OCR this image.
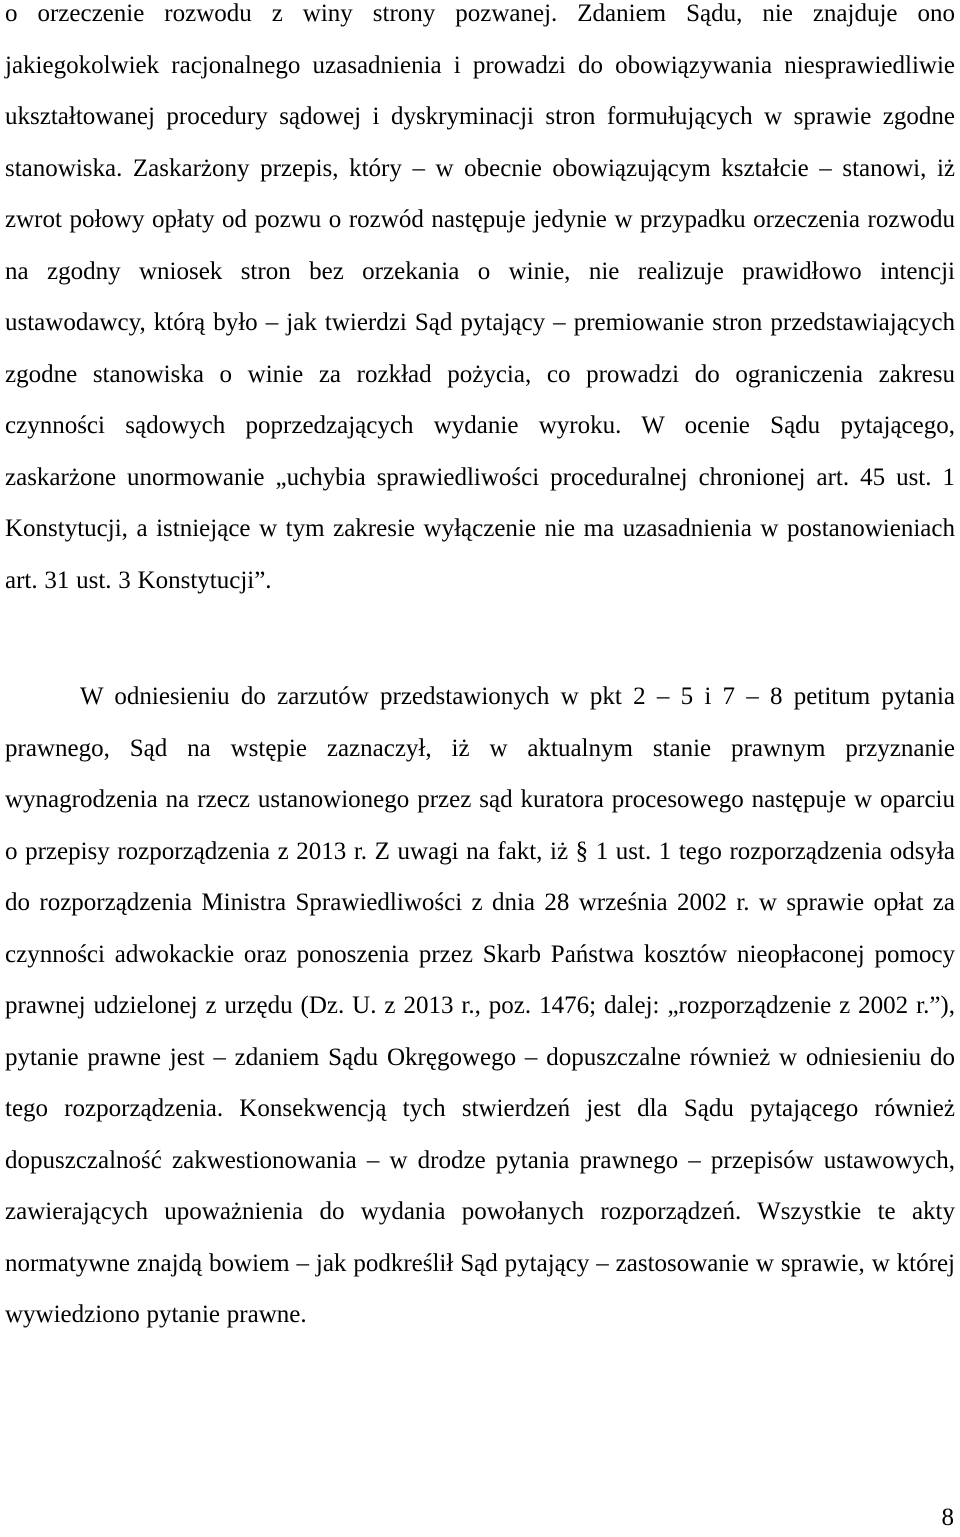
o orzeczenie rozwodu z winy strony pozwanej. Zdaniem Sądu, nie znajduje ono jakiegokolwiek racjonalnego uzasadnienia i prowadzi do obowiązywania niesprawiedliwie ukształtowanej procedury sądowej i dyskryminacji stron formułujących w sprawie zgodne stanowiska. Zaskarżony przepis, który – w obecnie obowiązującym kształcie – stanowi, iż zwrot połowy opłaty od pozwu o rozwód następuje jedynie w przypadku orzeczenia rozwodu na zgodny wniosek stron bez orzekania o winie, nie realizuje prawidłowo intencji ustawodawcy, którą było – jak twierdzi Sąd pytający – premiowanie stron przedstawiających zgodne stanowiska o winie za rozkład pożycia, co prowadzi do ograniczenia zakresu czynności sądowych poprzedzających wydanie wyroku. W ocenie Sądu pytającego, zaskarżone unormowanie „uchybia sprawiedliwości proceduralnej chronionej art. 45 ust. 1 Konstytucji, a istniejące w tym zakresie wyłączenie nie ma uzasadnienia w postanowieniach art. 31 ust. 3 Konstytucji”.

W odniesieniu do zarzutów przedstawionych w pkt 2 – 5 i 7 – 8 petitum pytania prawnego, Sąd na wstępie zaznaczył, iż w aktualnym stanie prawnym przyznanie wynagrodzenia na rzecz ustanowionego przez sąd kuratora procesowego następuje w oparciu o przepisy rozporządzenia z 2013 r. Z uwagi na fakt, iż § 1 ust. 1 tego rozporządzenia odsyła do rozporządzenia Ministra Sprawiedliwości z dnia 28 września 2002 r. w sprawie opłat za czynności adwokackie oraz ponoszenia przez Skarb Państwa kosztów nieopłaconej pomocy prawnej udzielonej z urzędu (Dz. U. z 2013 r., poz. 1476; dalej: „rozporządzenie z 2002 r.”), pytanie prawne jest – zdaniem Sądu Okręgowego – dopuszczalne również w odniesieniu do tego rozporządzenia. Konsekwencją tych stwierdzeń jest dla Sądu pytającego również dopuszczalność zakwestionowania – w drodze pytania prawnego – przepisów ustawowych, zawierających upoważnienia do wydania powołanych rozporządzeń. Wszystkie te akty normatywne znajdą bowiem – jak podkreślił Sąd pytający – zastosowanie w sprawie, w której wywiedziono pytanie prawne.

8
